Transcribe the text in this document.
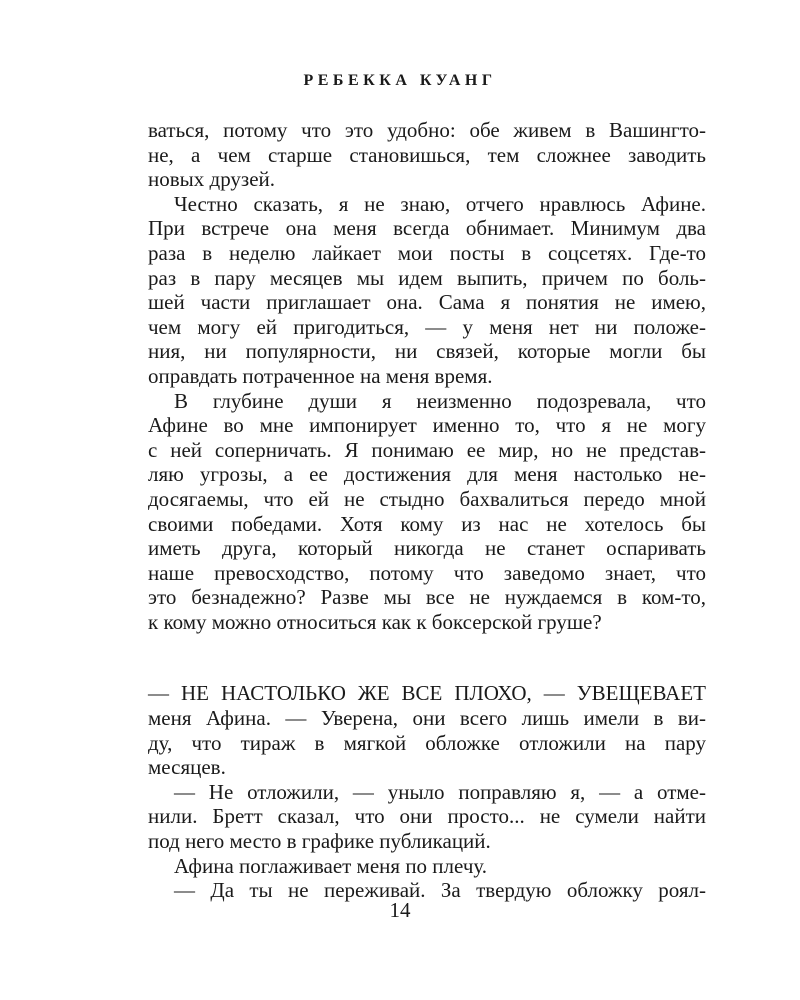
РЕБЕККА КУАНГ
ваться, потому что это удобно: обе живем в Вашингто-
не, а чем старше становишься, тем сложнее заводить
новых друзей.
Честно сказать, я не знаю, отчего нравлюсь Афине.
При встрече она меня всегда обнимает. Минимум два
раза в неделю лайкает мои посты в соцсетях. Где-то
раз в пару месяцев мы идем выпить, причем по боль-
шей части приглашает она. Сама я понятия не имею,
чем могу ей пригодиться, — у меня нет ни положе-
ния, ни популярности, ни связей, которые могли бы
оправдать потраченное на меня время.
В глубине души я неизменно подозревала, что
Афине во мне импонирует именно то, что я не могу
с ней соперничать. Я понимаю ее мир, но не представ-
ляю угрозы, а ее достижения для меня настолько не-
досягаемы, что ей не стыдно бахвалиться передо мной
своими победами. Хотя кому из нас не хотелось бы
иметь друга, который никогда не станет оспаривать
наше превосходство, потому что заведомо знает, что
это безнадежно? Разве мы все не нуждаемся в ком-то,
к кому можно относиться как к боксерской груше?
— НЕ НАСТОЛЬКО ЖЕ ВСЕ ПЛОХО, — УВЕЩЕВАЕТ
меня Афина. — Уверена, они всего лишь имели в ви-
ду, что тираж в мягкой обложке отложили на пару
месяцев.
— Не отложили, — уныло поправляю я, — а отме-
нили. Бретт сказал, что они просто... не сумели найти
под него место в графике публикаций.
Афина поглаживает меня по плечу.
— Да ты не переживай. За твердую обложку роял-
14
